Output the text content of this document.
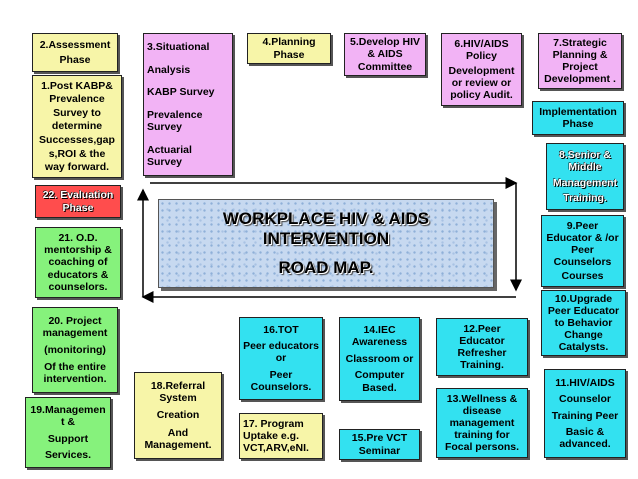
WORKPLACE HIV & AIDS
INTERVENTION
ROAD MAP.
2.Assessment
Phase
1.Post KABP&
Prevalence
Survey to
determine
Successes,gap
s,ROI & the
way forward.
3.Situational
Analysis
KABP Survey
Prevalence
Survey
Actuarial
Survey
4.Planning
Phase
5.Develop HIV
& AIDS
Committee
6.HIV/AIDS
Policy
Development
or review or
policy Audit.
7.Strategic
Planning &
Project
Development .
Implementation
Phase
8.Senior &
Middle
Management
Training.
9.Peer
Educator & /or
Peer
Counselors
Courses
10.Upgrade
Peer Educator
to Behavior
Change
Catalysts.
11.HIV/AIDS
Counselor
Training Peer
Basic &
advanced.
12.Peer
Educator
Refresher
Training.
13.Wellness &
disease
management
training for
Focal persons.
14.IEC
Awareness
Classroom or
Computer
Based.
15.Pre VCT
Seminar
16.TOT
Peer educators
or
Peer
Counselors.
17. Program
Uptake e.g.
VCT,ARV,eNI.
18.Referral
System
Creation
And
Management.
19.Managemen
t &
Support
Services.
20. Project
management
(monitoring)
Of the entire
intervention.
21. O.D.
mentorship &
coaching of
educators &
counselors.
22. Evaluation
Phase
